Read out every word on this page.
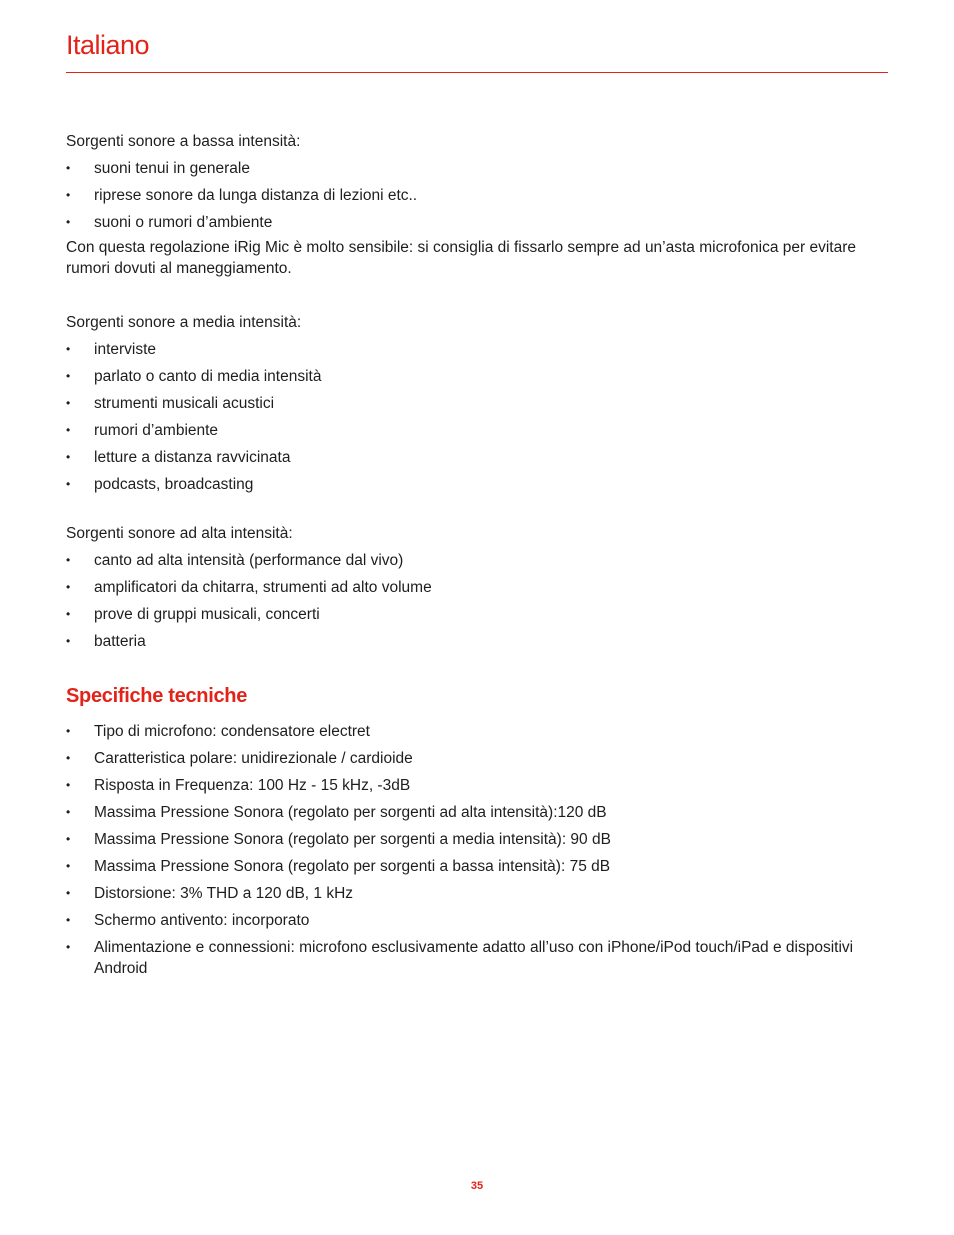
Italiano

Sorgenti sonore a bassa intensità:

•	suoni tenui in generale
•	riprese sonore da lunga distanza di lezioni etc..
•	suoni o rumori d’ambiente

Con questa regolazione iRig Mic è molto sensibile: si consiglia di fissarlo sempre ad un’asta microfonica per evitare rumori dovuti al maneggiamento.

Sorgenti sonore a media intensità:

•	interviste
•	parlato o canto di media intensità
•	strumenti musicali acustici
•	rumori d’ambiente
•	letture a distanza ravvicinata
•	podcasts, broadcasting

Sorgenti sonore ad alta intensità:

•	canto ad alta intensità (performance dal vivo)
•	amplificatori da chitarra, strumenti ad alto volume
•	prove di gruppi musicali, concerti
•	batteria
Specifiche tecniche
•	Tipo di microfono: condensatore electret
•	Caratteristica polare: unidirezionale / cardioide
•	Risposta in Frequenza: 100 Hz - 15 kHz, -3dB
•	Massima Pressione Sonora (regolato per sorgenti ad alta intensità):120 dB
•	Massima Pressione Sonora (regolato per sorgenti a media intensità): 90 dB
•	Massima Pressione Sonora (regolato per sorgenti a bassa intensità): 75 dB
•	Distorsione: 3% THD a 120 dB, 1 kHz
•	Schermo antivento: incorporato
•	Alimentazione e connessioni: microfono esclusivamente adatto all’uso con iPhone/iPod touch/iPad e dispositivi Android
35
